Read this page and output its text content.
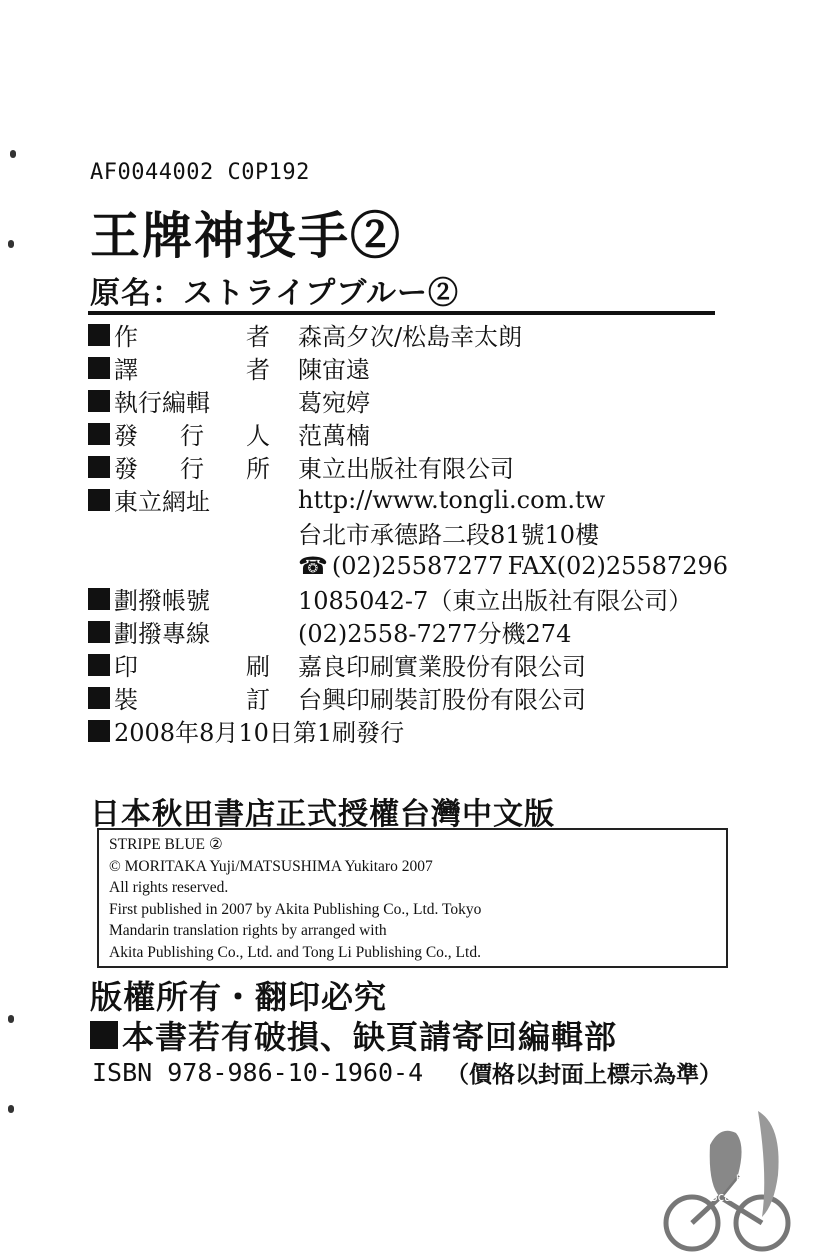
AF0044002 C0P192
王牌神投手②
原名：ストライプブルー②
作	者 森高夕次/松島幸太朗
譯	者 陳宙遠
執行編輯	葛宛婷
發 行 人 范萬楠
發 行 所 東立出版社有限公司
東立網址	http://www.tongli.com.tw
台北市承德路二段81號10樓
☎ (02)25587277 FAX(02)25587296
劃撥帳號	1085042-7（東立出版社有限公司）
劃撥專線	(02)2558-7277分機274
印	刷 嘉良印刷實業股份有限公司
裝	訂 台興印刷裝訂股份有限公司
2008年8月10日第1刷發行
日本秋田書店正式授權台灣中文版
STRIPE BLUE ②
© MORITAKA Yuji/MATSUSHIMA Yukitaro 2007
All rights reserved.
First published in 2007 by Akita Publishing Co., Ltd. Tokyo
Mandarin translation rights by arranged with
Akita Publishing Co., Ltd. and Tong Li Publishing Co., Ltd.
版權所有・翻印必究
本書若有破損、缺頁請寄回編輯部
ISBN 978-986-10-1960-4 （價格以封面上標示為準）
Scan
By
